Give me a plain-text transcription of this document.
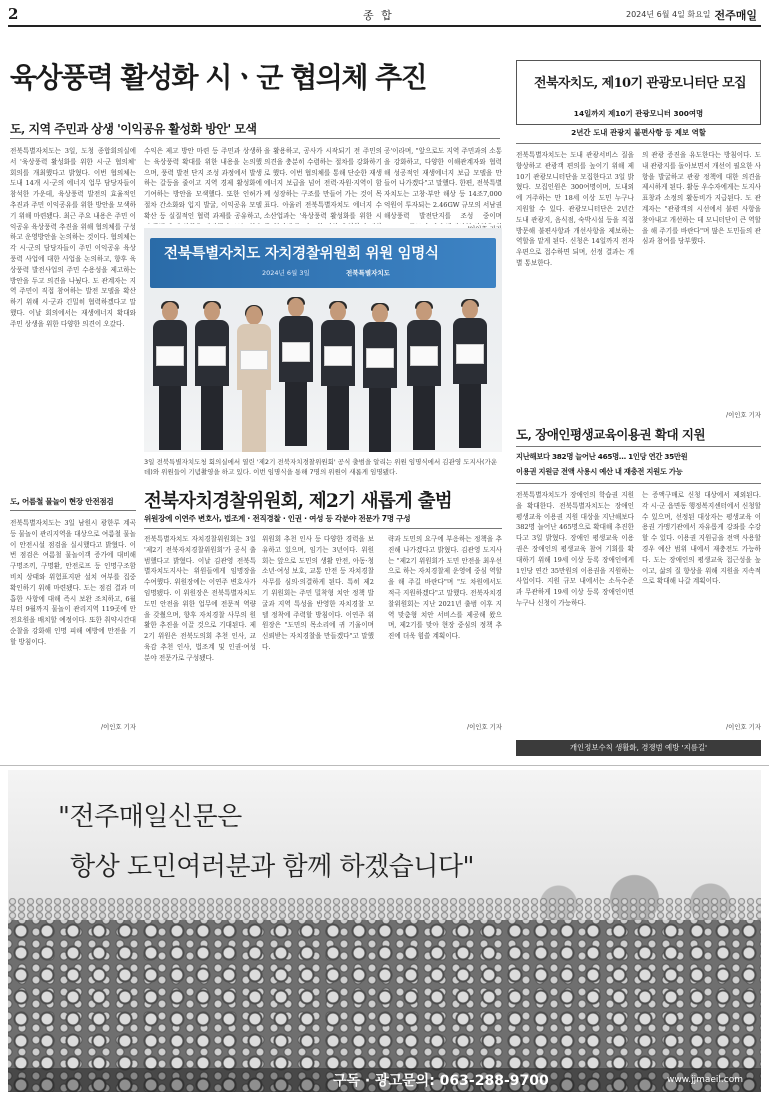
2	종 합	2024년 6월 4일 화요일 전주매일
육상풍력 활성화 시ㆍ군 협의체 추진
도, 지역 주민과 상생 '이익공유 활성화 방안' 모색

전북특별자치도는 3일, 도청 종합회의실에서 '육상풍력 활성화를 위한 시·군 협의체' 회의를 개최했다고 밝혔다. 이번 협의체는 도내 14개 시·군의 에너지 업무 담당자들이 참석한 가운데, 육상풍력 발전의 효율적인 추진과 주민 이익공유를 위한 방안을 모색하기 위해 마련됐다. 최근 주요 내용은 주민 이익공유 육상풍력 추진을 위해 협의체를 구성하고 운영방안을 논의하는 것이다. 협의체는 각 시·군의 담당자들이 주민 이익공유 육상풍력 사업에 대한 사업을 논의하고, 향후 육상풍력 발전사업의 주민 수용성을 제고하는 방안을 두고 의견을 나눴다. 도 관계자는 지역 주민이 직접 참여하는 발전 모델을 확산하기 위해 시·군과 긴밀히 협력하겠다고 말했다. 이날 회의에서는 재생에너지 확대와 주민 상생을 위한 다양한 의견이 오갔다.

수익은 제고 방안 마련 등 주민과 상생하는 육상풍력 확대를 위한 내용을 논의했으며, 풍력 발전 단지 조성 과정에서 발생하는 갈등을 줄이고 지역 경제 활성화에 기여하는 방안을 모색했다. 또한 인허가 절차 간소화와 입지 발굴, 이익공유 모델 확산 등 실질적인 협력 과제를 공유하고,

을 활용하고, 공사가 시작되기 전 주민의 의견을 충분히 수렴하는 절차를 강화하기로 했다. 이번 협의체를 통해 단순한 재생에너지 보급을 넘어 전력·자원·지역이 함께 성장하는 구조를 만들어 가는 것이 목표다. 아울러 전북특별자치도 에너지 수소산업과는 '육상풍력 활성화를 위한 시

공'이라며, "앞으로도 지역 주민과의 소통을 강화하고, 다양한 이해관계자와 협력해 성공적인 재생에너지 보급 모델을 만들어 나가겠다"고 말했다. 한편, 전북특별자치도는 고창·부안 해상 등 14조7,000억원이 투자되는 2.46GW 규모의 서남권 해상풍력 발전단지를 조성 중이며

전북특별자치도 자치경찰위원회 위원 임명식
2024년 6월 3일	전북특별자치도
3일 전북특별자치도청 회의실에서 열린 '제2기 전북자치경찰위원회' 공식 출범을 알리는 위원 임명식에서 김관영 도지사(가운데)와 위원들이 기념촬영을 하고 있다. 이번 임명식을 통해 7명의 위원이 새롭게 임명됐다.
전북자치경찰위원회, 제2기 새롭게 출범
위원장에 이연주 변호사, 법조계 · 전직경찰 · 인권 · 여성 등 각분야 전문가 7명 구성

전북특별자치도 자치경찰위원회는 3일 '제2기 전북자치경찰위원회'가 공식 출범했다고 밝혔다. 이날 김관영 전북특별자치도지사는 위원들에게 임명장을 수여했다. 위원장에는 이연주 변호사가 임명됐다. 이 위원장은 전북특별자치도 도민 안전을 위한 업무에 전문적 역량을 갖췄으며, 향후 자치경찰 사무의 원활한 추진을 이끌 것으로 기대된다. 제2기 위원은 전북도의회 추천 인사, 교육감 추천 인사, 법조계 및 인권·여성 분야 전문가로 구성됐다.

위원회 추천 인사 등 다양한 경력을 보유하고 있으며, 임기는 3년이다. 위원회는 앞으로 도민의 생활 안전, 아동·청소년·여성 보호, 교통 안전 등 자치경찰 사무를 심의·의결하게 된다. 특히 제2기 위원회는 주민 밀착형 치안 정책 발굴과 지역 특성을 반영한 자치경찰 모델 정착에 주력할 방침이다. 이연주 위원장은 "도민의 목소리에 귀 기울이며 신뢰받는 자치경찰을 만들겠다"고 말했다.

략과 도민의 요구에 부응하는 정책을 추진해 나가겠다고 밝혔다. 김관영 도지사는 "제2기 위원회가 도민 안전을 최우선으로 하는 자치경찰제 운영에 중심 역할을 해 주길 바란다"며 "도 차원에서도 적극 지원하겠다"고 말했다. 전북자치경찰위원회는 지난 2021년 출범 이후 지역 맞춤형 치안 서비스를 제공해 왔으며, 제2기를 맞아 현장 중심의 정책 추진에 더욱 힘쓸 계획이다.

/이인호 기자
도, 어름철 물놀이 현장 안전점검

전북특별자치도는 3일 남원시 광한루 계곡 등 물놀이 관리지역을 대상으로 여름철 물놀이 안전시설 점검을 실시했다고 밝혔다. 이번 점검은 여름철 물놀이객 증가에 대비해 구명조끼, 구명환, 안전로프 등 인명구조함 비치 상태와 위험표지판 설치 여부를 집중 확인하기 위해 마련됐다. 도는 점검 결과 미흡한 사항에 대해 즉시 보완 조치하고, 6월부터 9월까지 물놀이 관리지역 119곳에 안전요원을 배치할 예정이다. 또한 취약시간대 순찰을 강화해 인명 피해 예방에 만전을 기할 방침이다.

/이인호 기자
전북자치도, 제10기 관광모니터단 모집
14일까지 제10기 관광모니터 300여명
2년간 도내 관광지 불편사항 등 제보 역할

전북특별자치도는 도내 관광서비스 질을 향상하고 관광객 편의를 높이기 위해 제10기 관광모니터단을 모집한다고 3일 밝혔다. 모집인원은 300여명이며, 도내외에 거주하는 만 18세 이상 도민 누구나 지원할 수 있다. 관광모니터단은 2년간 도내 관광지, 음식점, 숙박시설 등을 직접 방문해 불편사항과 개선사항을 제보하는 역할을 맡게 된다. 신청은 14일까지 전자우편으로 접수하면 되며, 선정 결과는 개별 통보한다.

의 관광 증진을 유도한다는 방침이다. 도내 관광지를 돌아보면서 개선이 필요한 사항을 발굴하고 관광 정책에 대한 의견을 제시하게 된다. 활동 우수자에게는 도지사 표창과 소정의 활동비가 지급된다. 도 관계자는 "관광객의 시선에서 불편 사항을 찾아내고 개선하는 데 모니터단이 큰 역할을 해 주기를 바란다"며 많은 도민들의 관심과 참여를 당부했다.

/이인호 기자
도, 장애인평생교육이용권 확대 지원
지난해보다 382명 늘어난 465명… 1인당 연간 35만원
이용권 지원금 전액 사용시 예산 내 재충전 지원도 가능

전북특별자치도가 장애인의 학습권 지원을 확대한다. 전북특별자치도는 장애인 평생교육 이용권 지원 대상을 지난해보다 382명 늘어난 465명으로 확대해 추진한다고 3일 밝혔다. 장애인 평생교육 이용권은 장애인의 평생교육 참여 기회를 확대하기 위해 19세 이상 등록 장애인에게 1인당 연간 35만원의 이용권을 지원하는 사업이다. 지원 규모 내에서는 소득수준과 무관하게 19세 이상 등록 장애인이면 누구나 신청이 가능하다.

는 증액구매로 신청 대상에서 제외된다. 각 시·군 읍면동 행정복지센터에서 신청할 수 있으며, 선정된 대상자는 평생교육 이용권 가맹기관에서 자유롭게 강좌를 수강할 수 있다. 이용권 지원금을 전액 사용할 경우 예산 범위 내에서 재충전도 가능하다. 도는 장애인의 평생교육 접근성을 높이고, 삶의 질 향상을 위해 지원을 지속적으로 확대해 나갈 계획이다.

/이인호 기자
개인정보수칙 생활화, 경쟁범 예방 '지름길'
"전주매일신문은
항상 도민여러분과 함께 하겠습니다"
구독 · 광고문의: 063-288-9700	www.jjmaeil.com
